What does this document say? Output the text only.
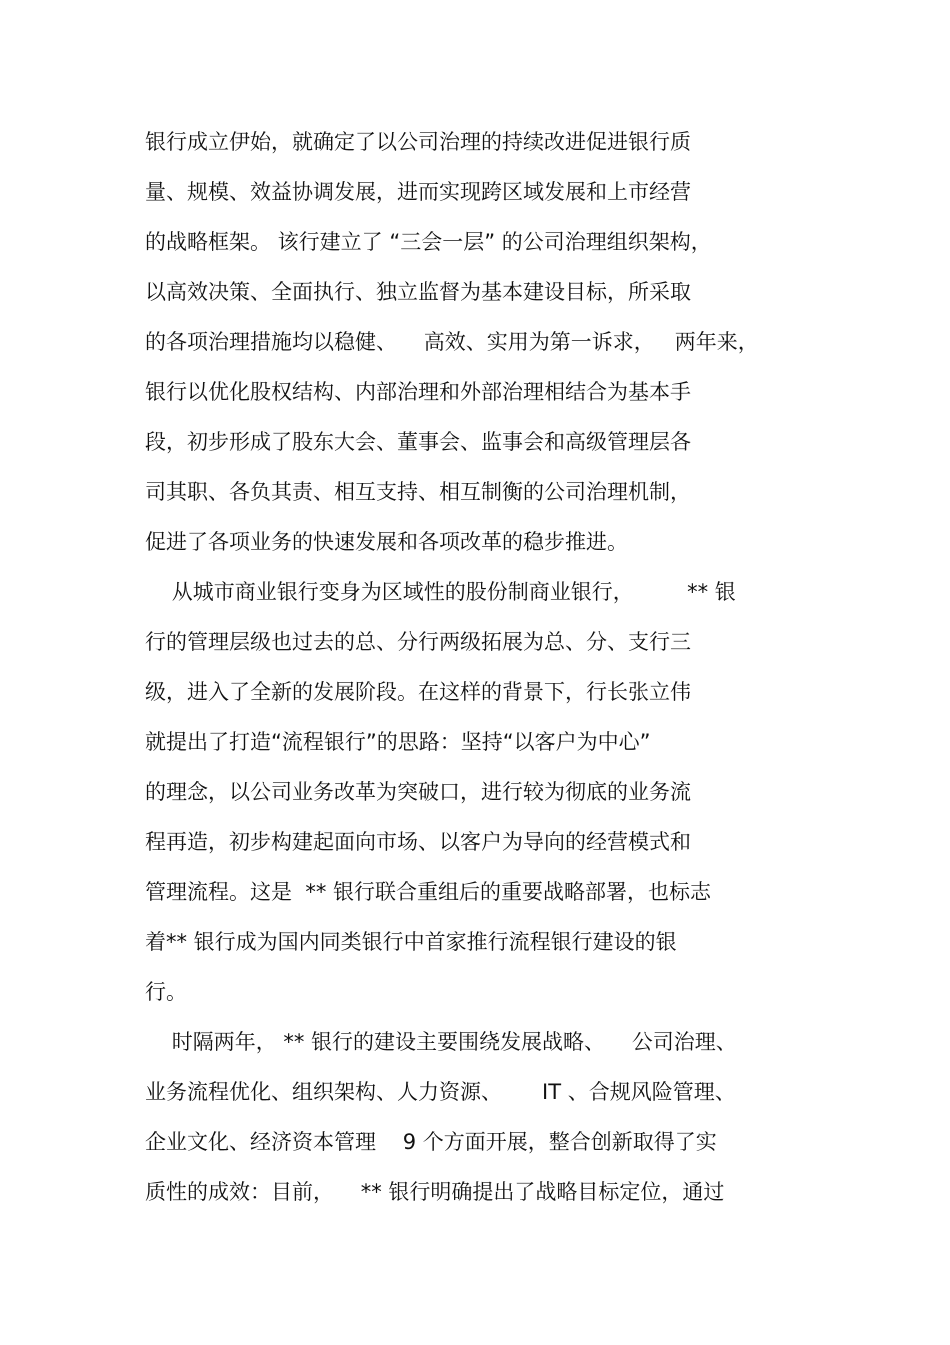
银行成立伊始，就确定了以公司治理的持续改进促进银行质

量、规模、效益协调发展，进而实现跨区域发展和上市经营

的战略框架。 该行建立了 “三会一层” 的公司治理组织架构，

以高效决策、全面执行、独立监督为基本建设目标，所采取

的各项治理措施均以稳健、    高效、实用为第一诉求，   两年来，

银行以优化股权结构、内部治理和外部治理相结合为基本手

段，初步形成了股东大会、董事会、监事会和高级管理层各

司其职、各负其责、相互支持、相互制衡的公司治理机制，

促进了各项业务的快速发展和各项改革的稳步推进。

从城市商业银行变身为区域性的股份制商业银行，        ** 银

行的管理层级也过去的总、分行两级拓展为总、分、支行三

级，进入了全新的发展阶段。在这样的背景下，行长张立伟

就提出了打造“流程银行”的思路：坚持“以客户为中心”

的理念，以公司业务改革为突破口，进行较为彻底的业务流

程再造，初步构建起面向市场、以客户为导向的经营模式和

管理流程。这是  ** 银行联合重组后的重要战略部署，也标志

着** 银行成为国内同类银行中首家推行流程银行建设的银

行。

时隔两年， ** 银行的建设主要围绕发展战略、    公司治理、

业务流程优化、组织架构、人力资源、      IT 、合规风险管理、

企业文化、经济资本管理    9 个方面开展，整合创新取得了实

质性的成效：目前，    ** 银行明确提出了战略目标定位，通过
